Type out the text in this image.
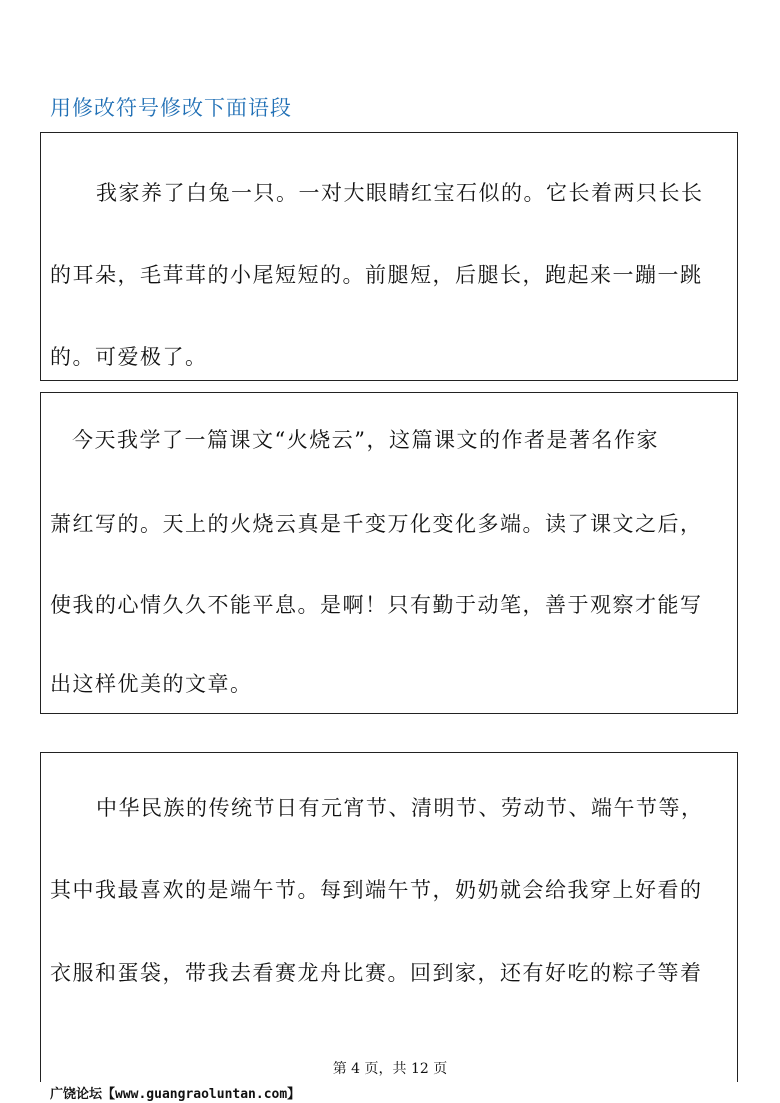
用修改符号修改下面语段
我家养了白兔一只。一对大眼睛红宝石似的。它长着两只长长
的耳朵，毛茸茸的小尾短短的。前腿短，后腿长，跑起来一蹦一跳
的。可爱极了。
今天我学了一篇课文“火烧云”，这篇课文的作者是著名作家
萧红写的。天上的火烧云真是千变万化变化多端。读了课文之后，
使我的心情久久不能平息。是啊！只有勤于动笔，善于观察才能写
出这样优美的文章。
中华民族的传统节日有元宵节、清明节、劳动节、端午节等，
其中我最喜欢的是端午节。每到端午节，奶奶就会给我穿上好看的
衣服和蛋袋，带我去看赛龙舟比赛。回到家，还有好吃的粽子等着
第 4 页，共 12 页
广饶论坛【www.guangraoluntan.com】
